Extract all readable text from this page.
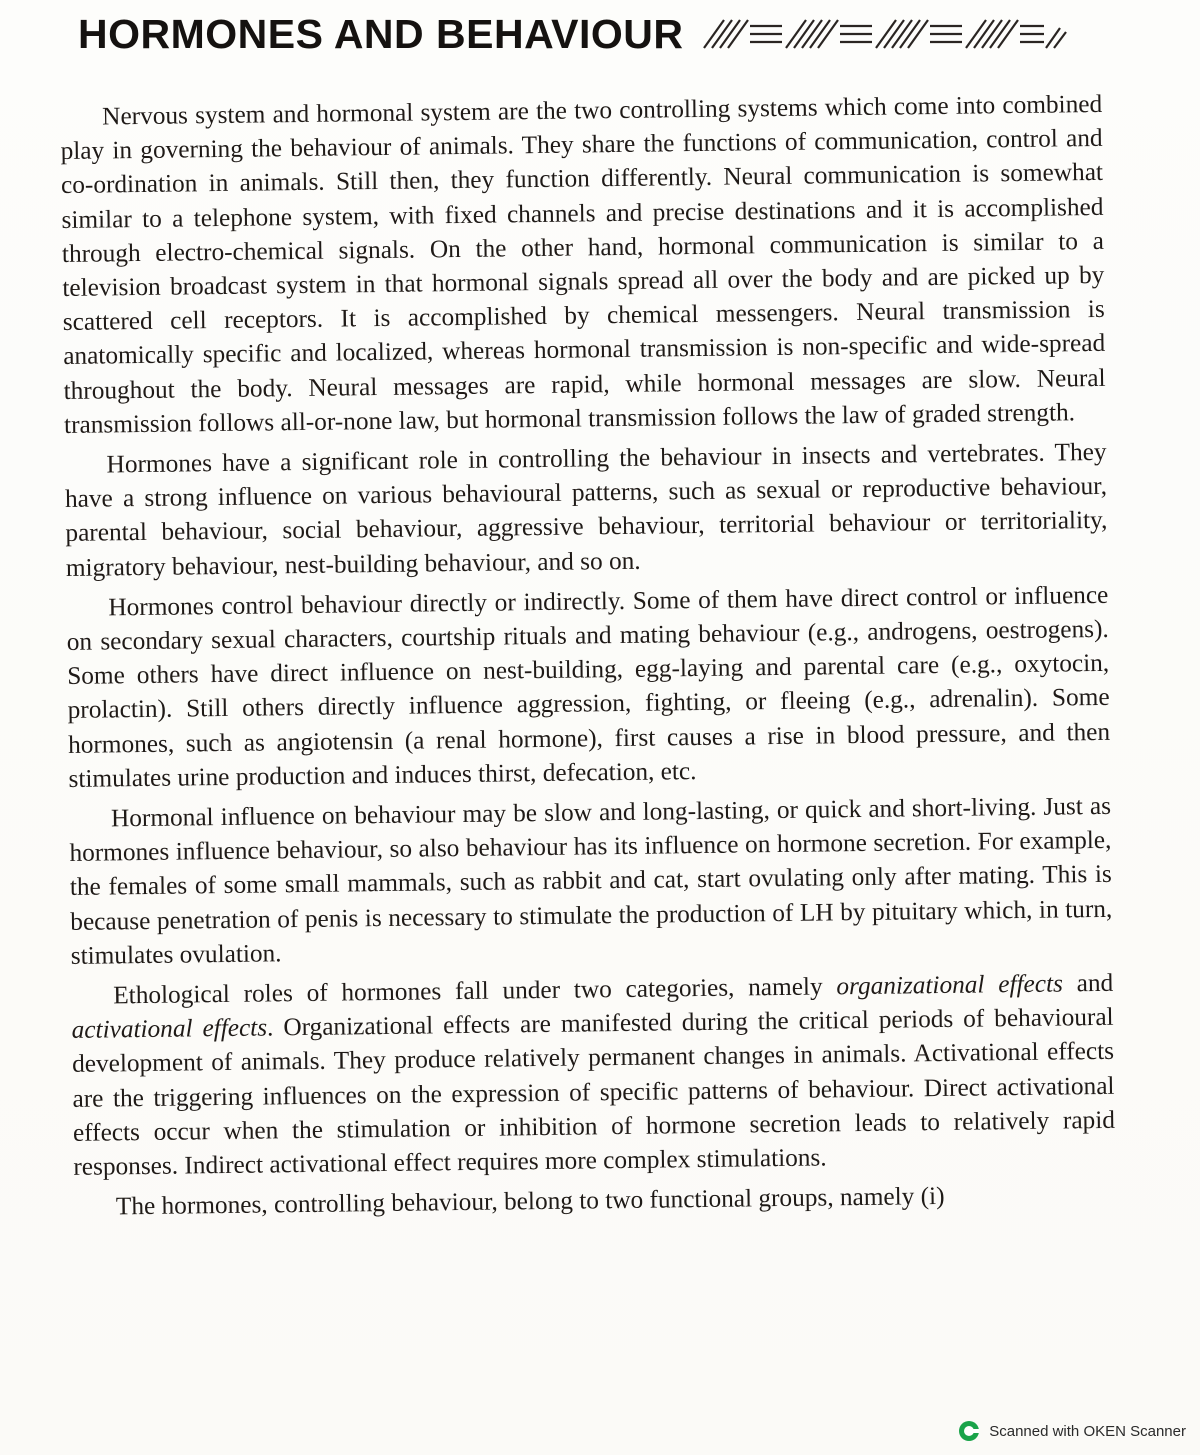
HORMONES AND BEHAVIOUR

Nervous system and hormonal system are the two controlling systems which come into combined play in governing the behaviour of animals. They share the functions of communication, control and co-ordination in animals. Still then, they function differently. Neural communication is somewhat similar to a telephone system, with fixed channels and precise destinations and it is accomplished through electro-chemical signals. On the other hand, hormonal communication is similar to a television broadcast system in that hormonal signals spread all over the body and are picked up by scattered cell receptors. It is accomplished by chemical messengers. Neural transmission is anatomically specific and localized, whereas hormonal transmission is non-specific and wide-spread throughout the body. Neural messages are rapid, while hormonal messages are slow. Neural transmission follows all-or-none law, but hormonal transmission follows the law of graded strength.

Hormones have a significant role in controlling the behaviour in insects and vertebrates. They have a strong influence on various behavioural patterns, such as sexual or reproductive behaviour, parental behaviour, social behaviour, aggressive behaviour, territorial behaviour or territoriality, migratory behaviour, nest-building behaviour, and so on.

Hormones control behaviour directly or indirectly. Some of them have direct control or influence on secondary sexual characters, courtship rituals and mating behaviour (e.g., androgens, oestrogens). Some others have direct influence on nest-building, egg-laying and parental care (e.g., oxytocin, prolactin). Still others directly influence aggression, fighting, or fleeing (e.g., adrenalin). Some hormones, such as angiotensin (a renal hormone), first causes a rise in blood pressure, and then stimulates urine production and induces thirst, defecation, etc.

Hormonal influence on behaviour may be slow and long-lasting, or quick and short-living. Just as hormones influence behaviour, so also behaviour has its influence on hormone secretion. For example, the females of some small mammals, such as rabbit and cat, start ovulating only after mating. This is because penetration of penis is necessary to stimulate the production of LH by pituitary which, in turn, stimulates ovulation.

Ethological roles of hormones fall under two categories, namely organizational effects and activational effects. Organizational effects are manifested during the critical periods of behavioural development of animals. They produce relatively permanent changes in animals. Activational effects are the triggering influences on the expression of specific patterns of behaviour. Direct activational effects occur when the stimulation or inhibition of hormone secretion leads to relatively rapid responses. Indirect activational effect requires more complex stimulations.

The hormones, controlling behaviour, belong to two functional groups, namely (i)

Scanned with OKEN Scanner
